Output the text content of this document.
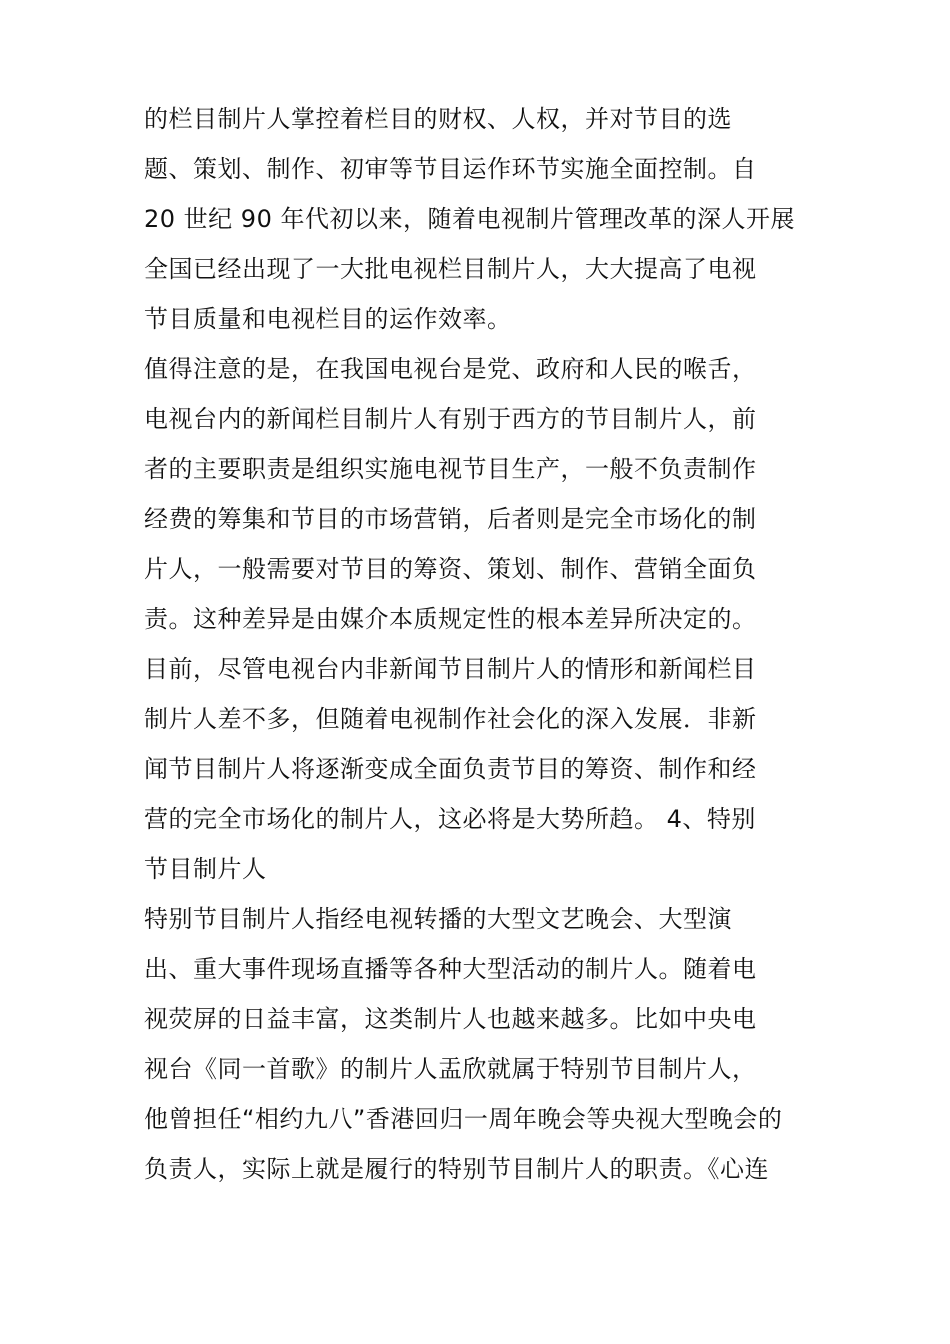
的栏目制片人掌控着栏目的财权、人权，并对节目的选
题、策划、制作、初审等节目运作环节实施全面控制。自
20 世纪 90 年代初以来，随着电视制片管理改革的深人开展
全国已经出现了一大批电视栏目制片人，大大提高了电视
节目质量和电视栏目的运作效率。
值得注意的是，在我国电视台是党、政府和人民的喉舌，
电视台内的新闻栏目制片人有别于西方的节目制片人，前
者的主要职责是组织实施电视节目生产，一般不负责制作
经费的筹集和节目的市场营销，后者则是完全市场化的制
片人，一般需要对节目的筹资、策划、制作、营销全面负
责。这种差异是由媒介本质规定性的根本差异所决定的。
目前，尽管电视台内非新闻节目制片人的情形和新闻栏目
制片人差不多，但随着电视制作社会化的深入发展．非新
闻节目制片人将逐渐变成全面负责节目的筹资、制作和经
营的完全市场化的制片人，这必将是大势所趋。 4、特别
节目制片人
特别节目制片人指经电视转播的大型文艺晚会、大型演
出、重大事件现场直播等各种大型活动的制片人。随着电
视荧屏的日益丰富，这类制片人也越来越多。比如中央电
视台《同一首歌》的制片人盂欣就属于特别节目制片人，
他曾担任“相约九八”香港回归一周年晚会等央视大型晚会的
负责人，实际上就是履行的特别节目制片人的职责。《心连
